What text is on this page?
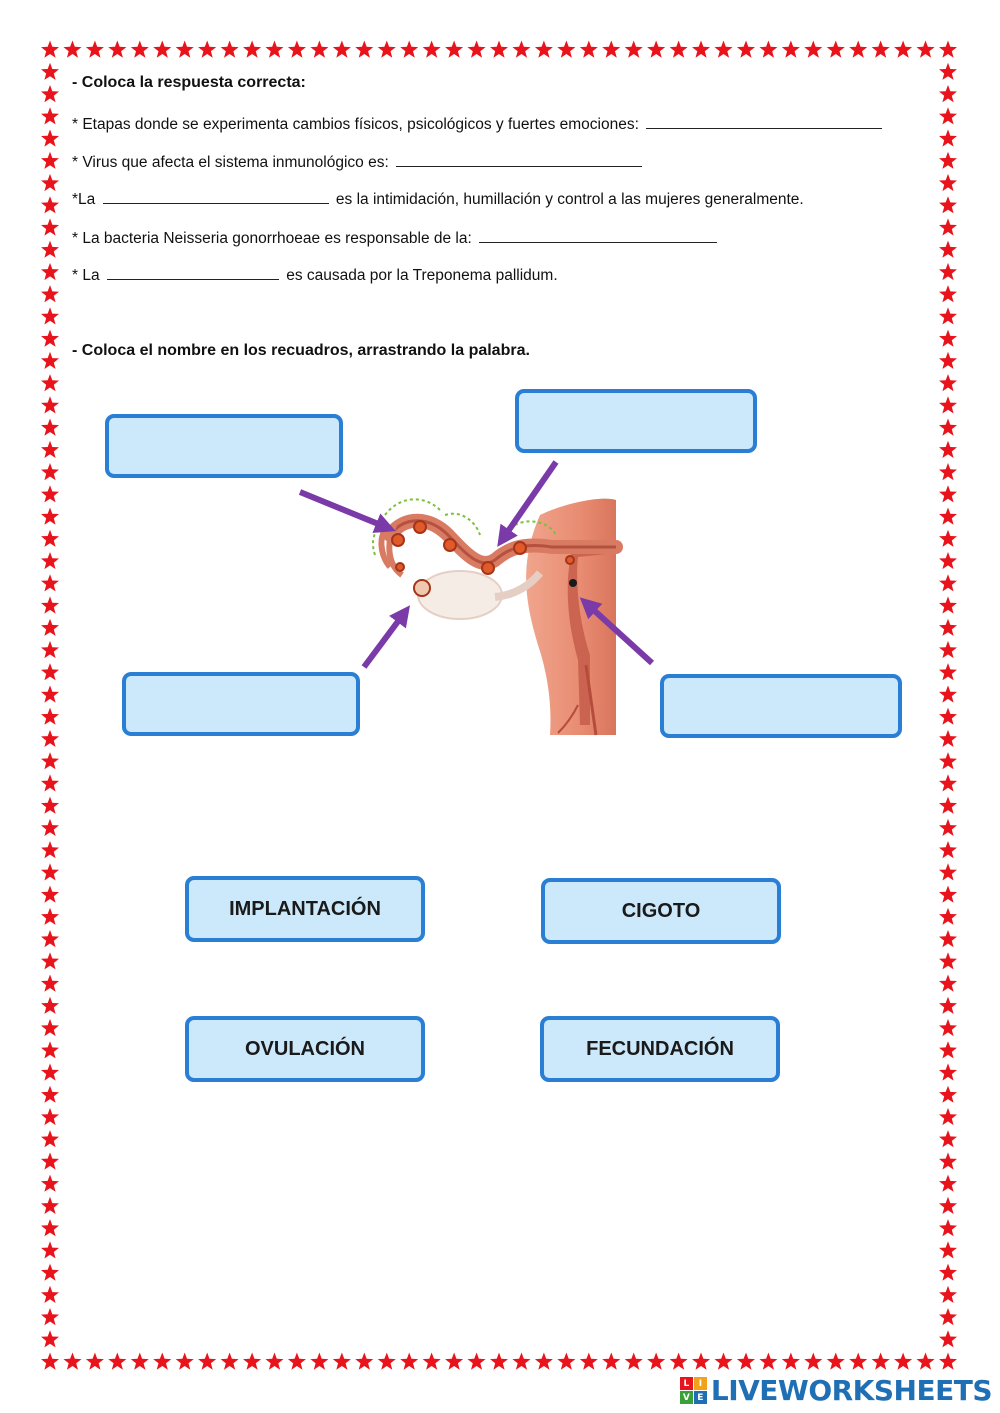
- Coloca la respuesta correcta:
* Etapas donde se experimenta cambios físicos, psicológicos y fuertes emociones:
* Virus que afecta el sistema inmunológico es:
*La	es la intimidación, humillación y control a las mujeres generalmente.
* La bacteria Neisseria gonorrhoeae es responsable de la:
* La	es causada por la Treponema pallidum.
- Coloca el nombre en los recuadros, arrastrando la palabra.
IMPLANTACIÓN	CIGOTO
OVULACIÓN	FECUNDACIÓN
L	I
V E LIVEWORKSHEETS
